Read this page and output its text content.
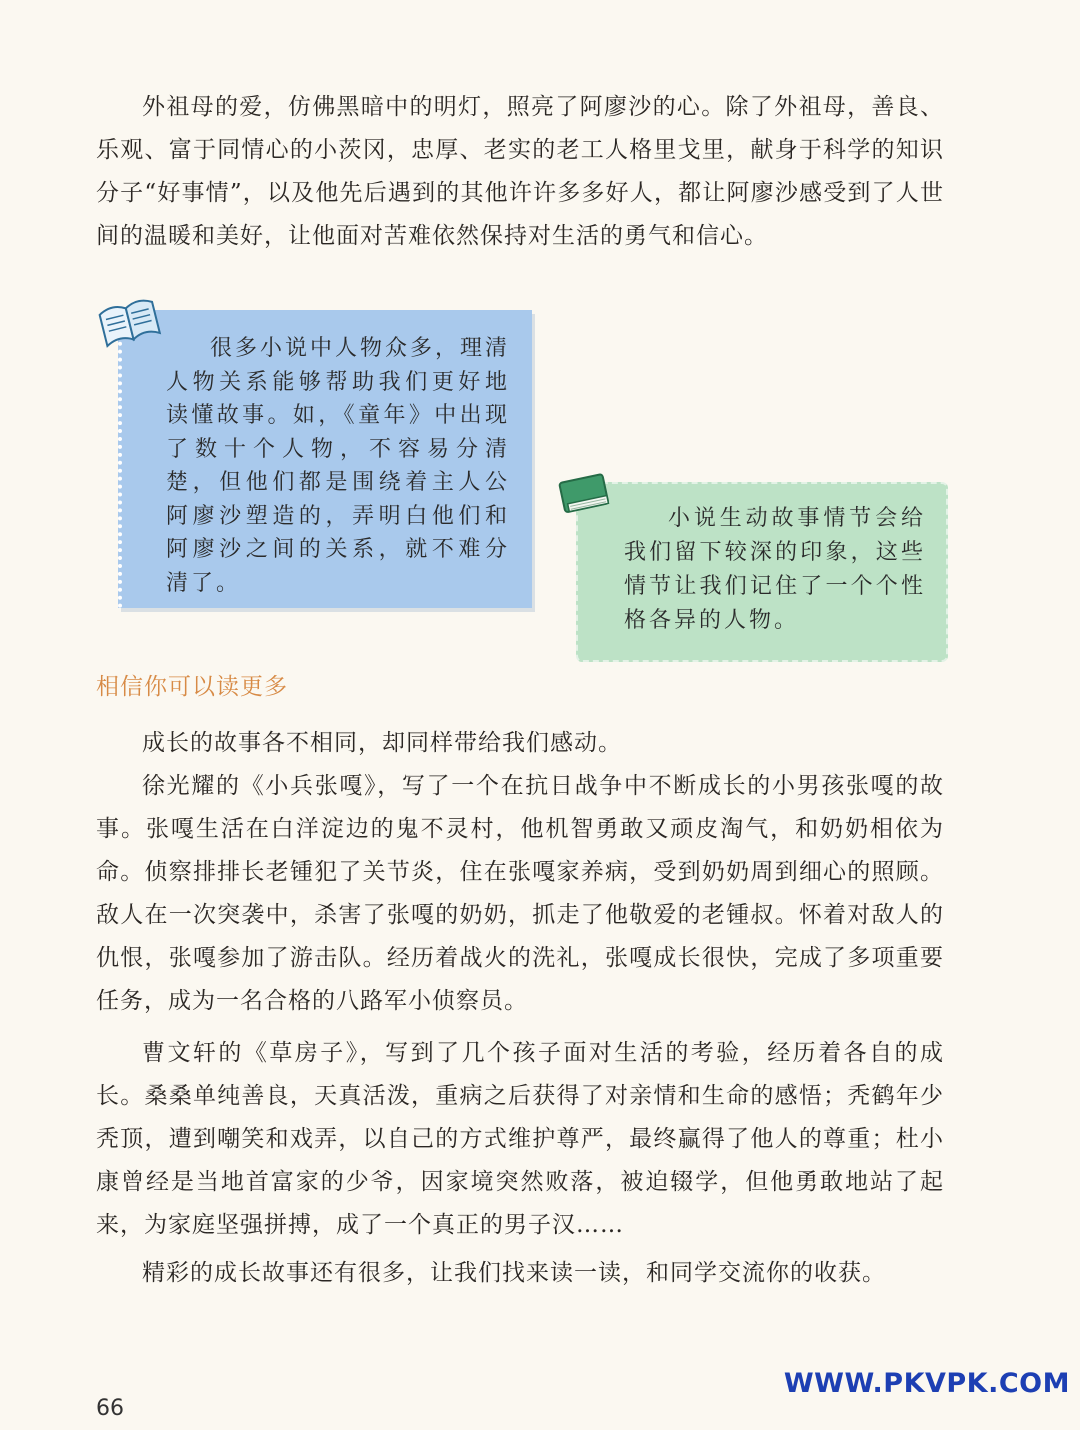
外祖母的爱，仿佛黑暗中的明灯，照亮了阿廖沙的心。除了外祖母，善良、乐观、富于同情心的小茨冈，忠厚、老实的老工人格里戈里，献身于科学的知识分子“好事情”，以及他先后遇到的其他许许多多好人，都让阿廖沙感受到了人世间的温暖和美好，让他面对苦难依然保持对生活的勇气和信心。

很多小说中人物众多，理清人物关系能够帮助我们更好地读懂故事。如，《童年》中出现了数十个人物，不容易分清楚，但他们都是围绕着主人公阿廖沙塑造的，弄明白他们和阿廖沙之间的关系，就不难分清了。
小说生动故事情节会给我们留下较深的印象，这些情节让我们记住了一个个性格各异的人物。
相信你可以读更多

成长的故事各不相同，却同样带给我们感动。

徐光耀的《小兵张嘎》，写了一个在抗日战争中不断成长的小男孩张嘎的故事。张嘎生活在白洋淀边的鬼不灵村，他机智勇敢又顽皮淘气，和奶奶相依为命。侦察排排长老锺犯了关节炎，住在张嘎家养病，受到奶奶周到细心的照顾。敌人在一次突袭中，杀害了张嘎的奶奶，抓走了他敬爱的老锺叔。怀着对敌人的仇恨，张嘎参加了游击队。经历着战火的洗礼，张嘎成长很快，完成了多项重要任务，成为一名合格的八路军小侦察员。

曹文轩的《草房子》，写到了几个孩子面对生活的考验，经历着各自的成长。桑桑单纯善良，天真活泼，重病之后获得了对亲情和生命的感悟；秃鹤年少秃顶，遭到嘲笑和戏弄，以自己的方式维护尊严，最终赢得了他人的尊重；杜小康曾经是当地首富家的少爷，因家境突然败落，被迫辍学，但他勇敢地站了起来，为家庭坚强拼搏，成了一个真正的男子汉……

精彩的成长故事还有很多，让我们找来读一读，和同学交流你的收获。

66
WWW.PKVPK.COM
